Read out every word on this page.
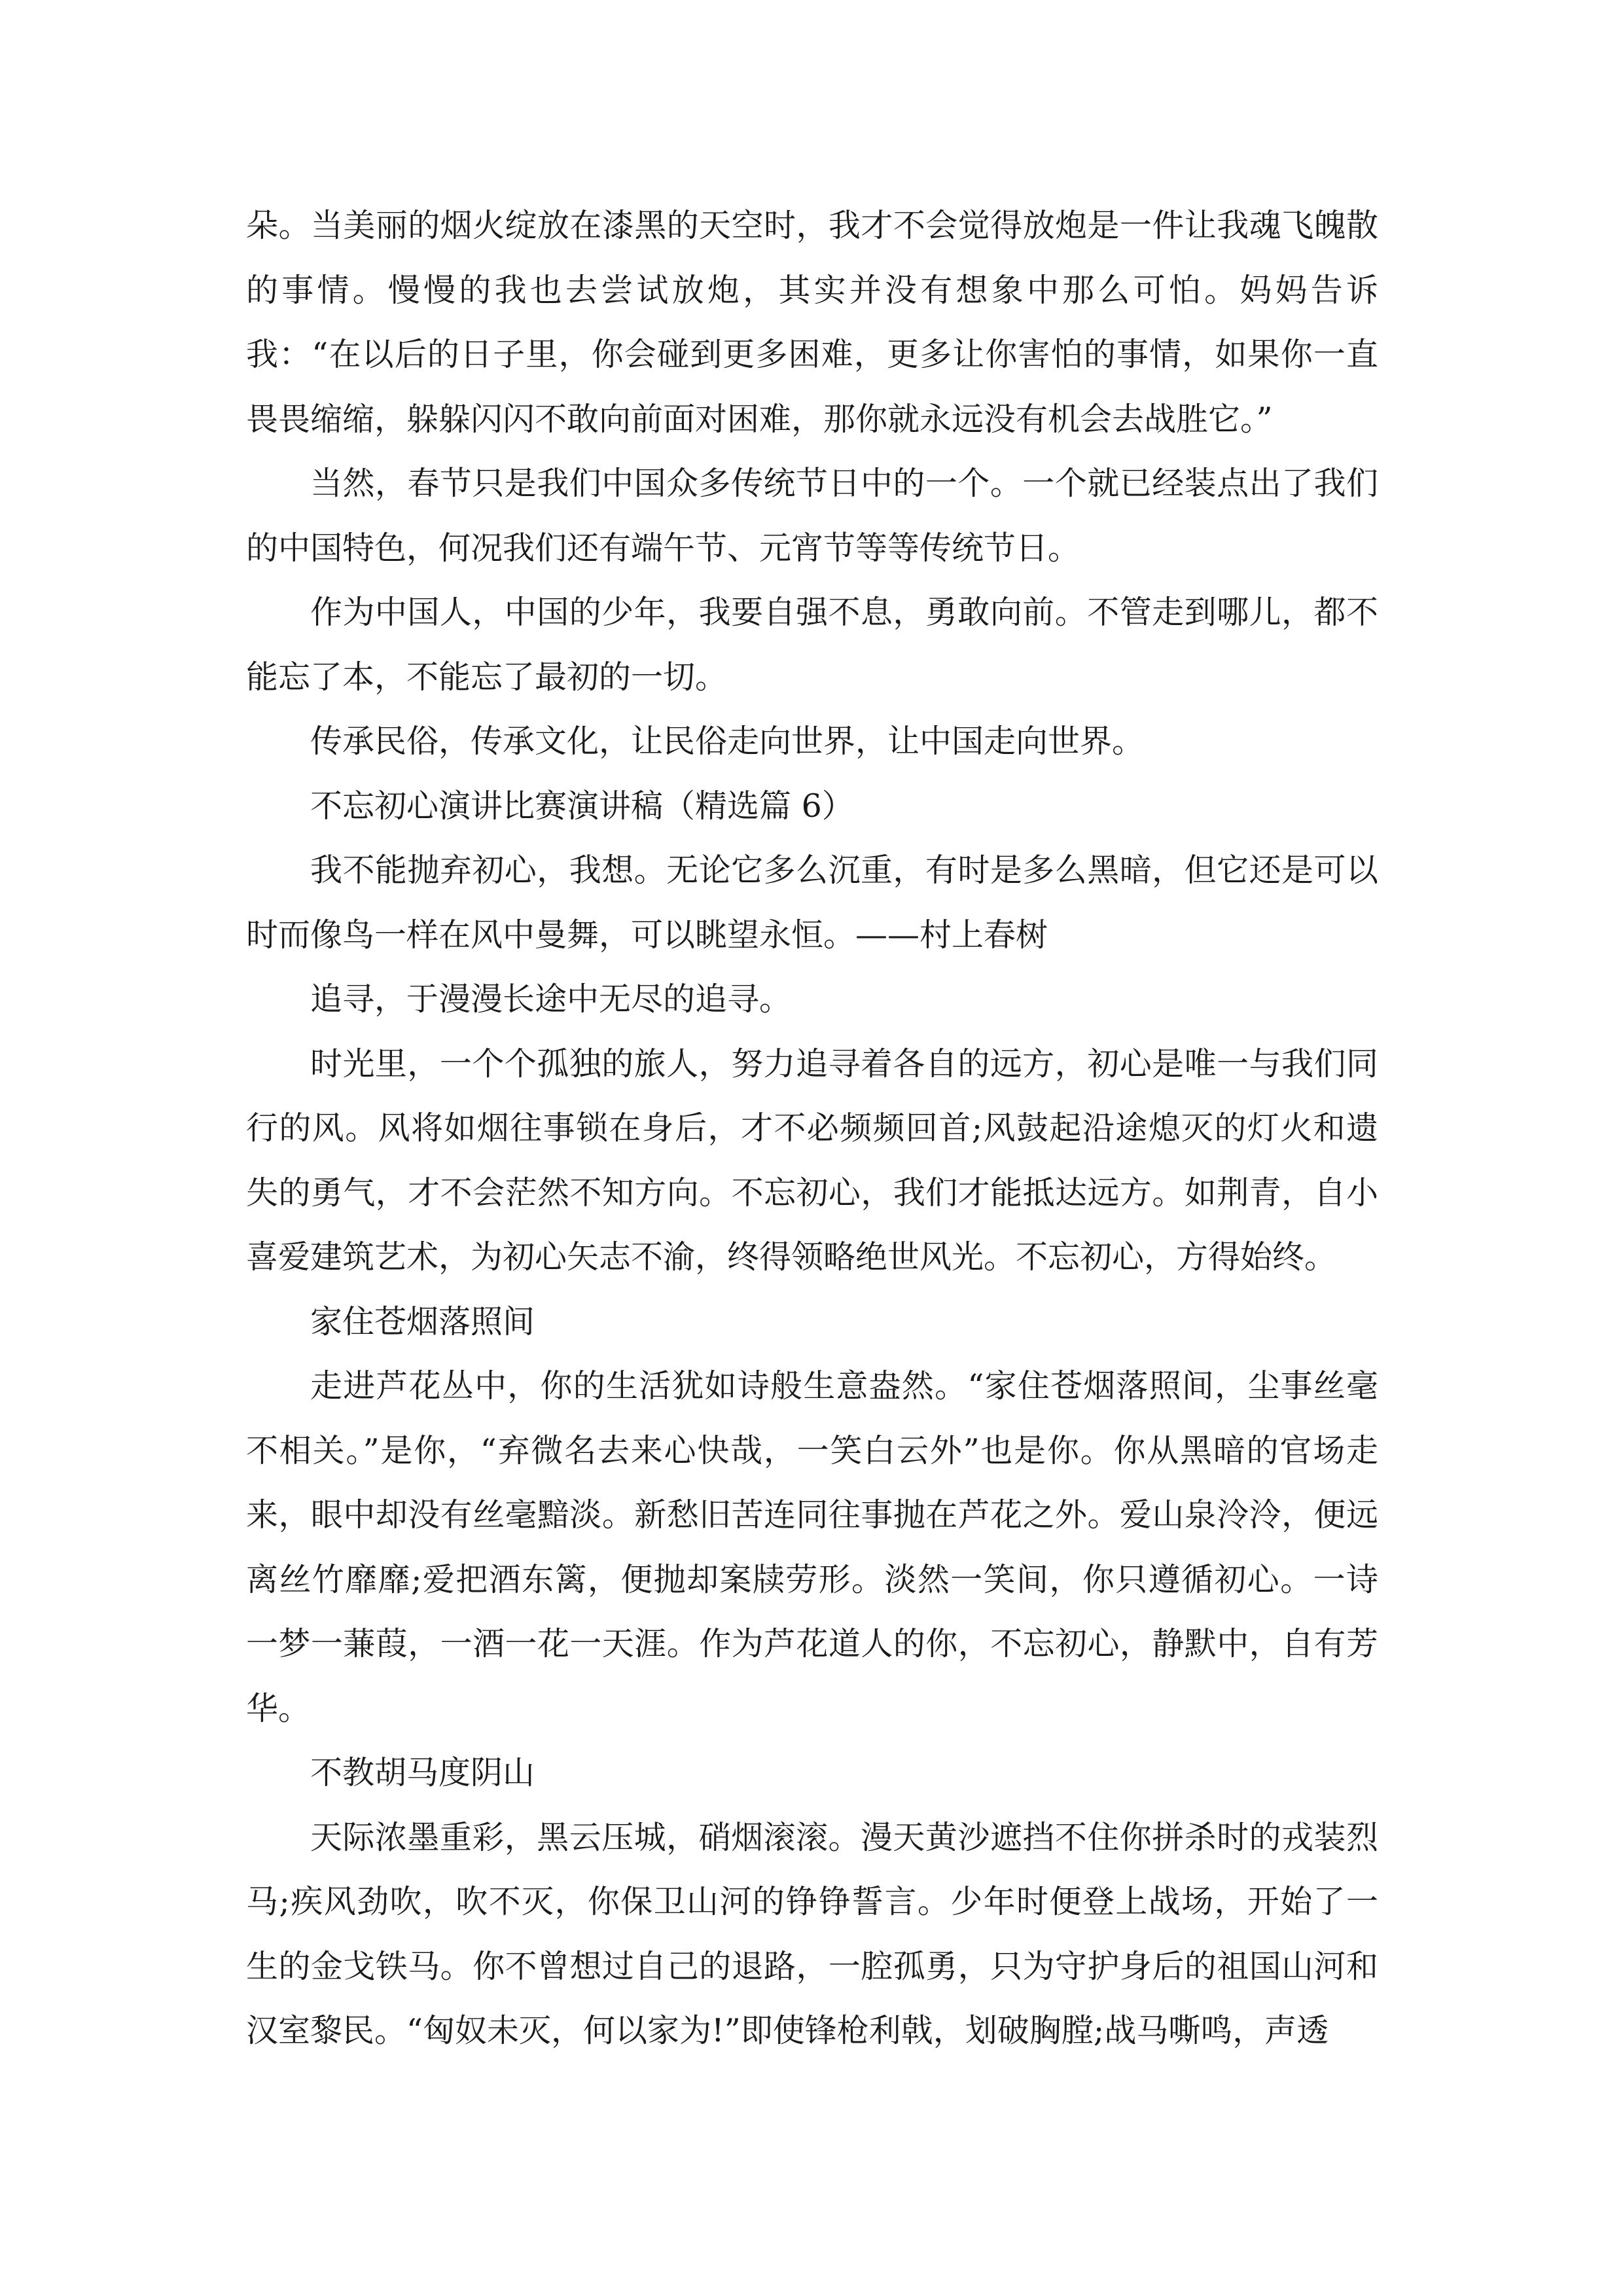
朵。当美丽的烟火绽放在漆黑的天空时，我才不会觉得放炮是一件让我魂飞魄散的事情。慢慢的我也去尝试放炮，其实并没有想象中那么可怕。妈妈告诉我：“在以后的日子里，你会碰到更多困难，更多让你害怕的事情，如果你一直畏畏缩缩，躲躲闪闪不敢向前面对困难，那你就永远没有机会去战胜它。”

当然，春节只是我们中国众多传统节日中的一个。一个就已经装点出了我们的中国特色，何况我们还有端午节、元宵节等等传统节日。

作为中国人，中国的少年，我要自强不息，勇敢向前。不管走到哪儿，都不能忘了本，不能忘了最初的一切。

传承民俗，传承文化，让民俗走向世界，让中国走向世界。

不忘初心演讲比赛演讲稿（精选篇 6）

我不能抛弃初心，我想。无论它多么沉重，有时是多么黑暗，但它还是可以时而像鸟一样在风中曼舞，可以眺望永恒。——村上春树

追寻，于漫漫长途中无尽的追寻。

时光里，一个个孤独的旅人，努力追寻着各自的远方，初心是唯一与我们同行的风。风将如烟往事锁在身后，才不必频频回首;风鼓起沿途熄灭的灯火和遗失的勇气，才不会茫然不知方向。不忘初心，我们才能抵达远方。如荆青，自小喜爱建筑艺术，为初心矢志不渝，终得领略绝世风光。不忘初心，方得始终。

家住苍烟落照间

走进芦花丛中，你的生活犹如诗般生意盎然。“家住苍烟落照间，尘事丝毫不相关。”是你，“弃微名去来心快哉，一笑白云外”也是你。你从黑暗的官场走来，眼中却没有丝毫黯淡。新愁旧苦连同往事抛在芦花之外。爱山泉泠泠，便远离丝竹靡靡;爱把酒东篱，便抛却案牍劳形。淡然一笑间，你只遵循初心。一诗一梦一蒹葭，一酒一花一天涯。作为芦花道人的你，不忘初心，静默中，自有芳华。

不教胡马度阴山

天际浓墨重彩，黑云压城，硝烟滚滚。漫天黄沙遮挡不住你拼杀时的戎装烈马;疾风劲吹，吹不灭，你保卫山河的铮铮誓言。少年时便登上战场，开始了一生的金戈铁马。你不曾想过自己的退路，一腔孤勇，只为守护身后的祖国山河和汉室黎民。“匈奴未灭，何以家为!”即使锋枪利戟，划破胸膛;战马嘶鸣，声透
